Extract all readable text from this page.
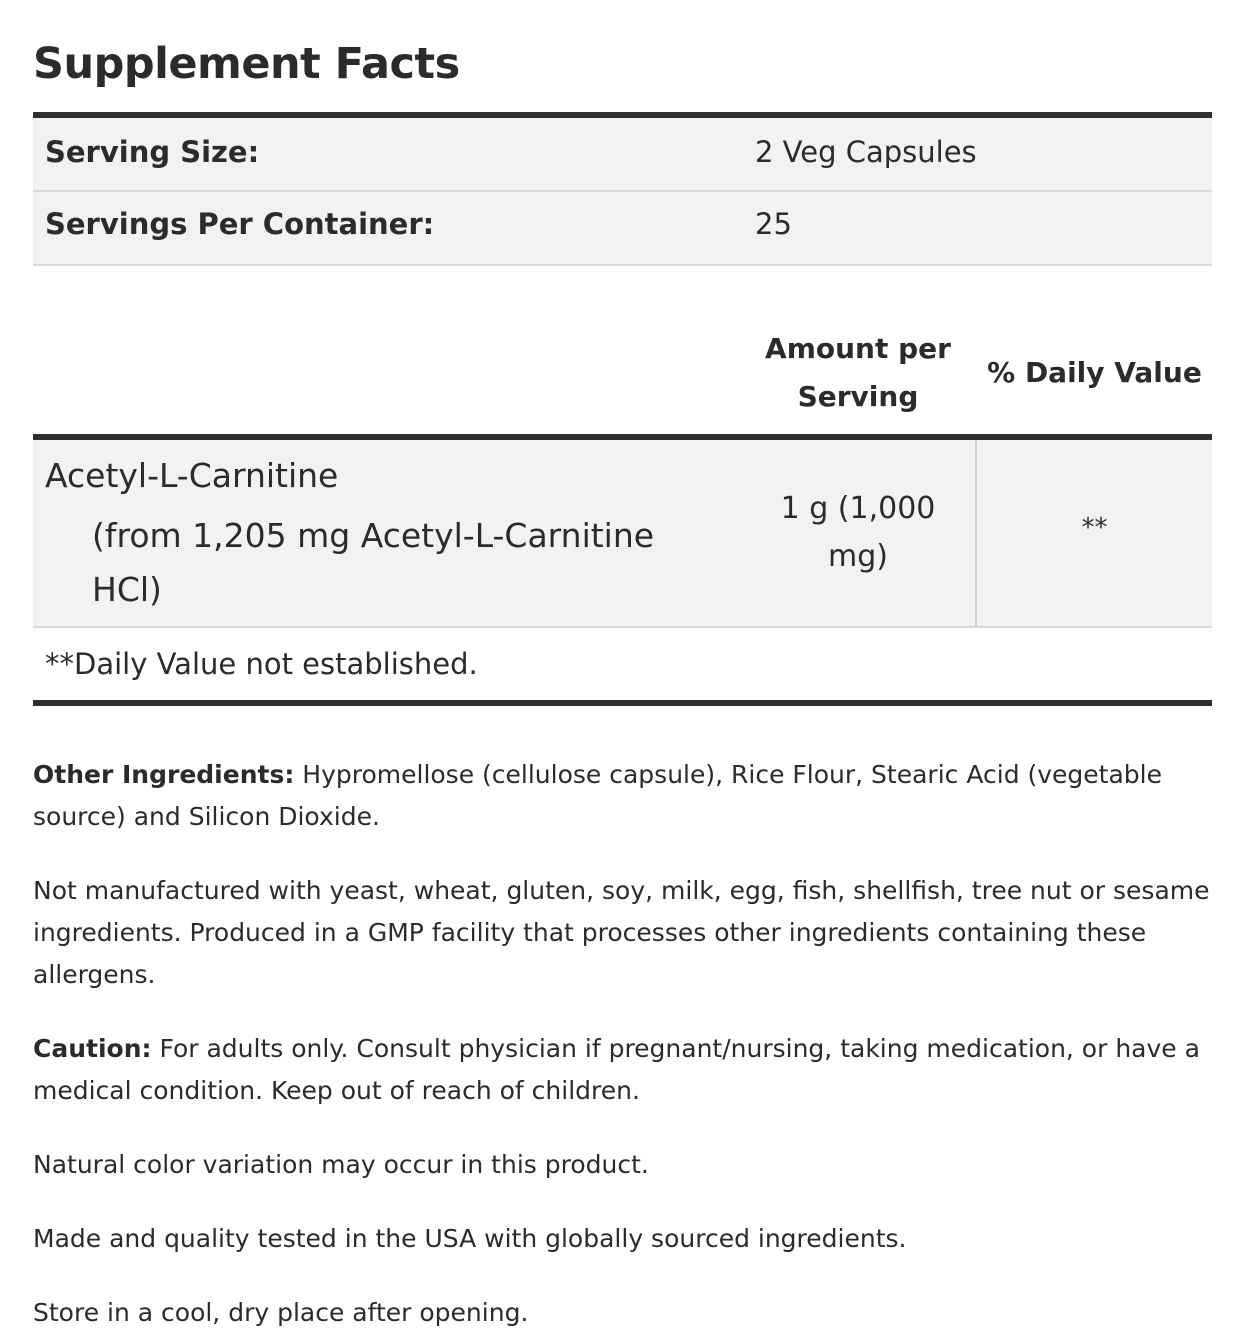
Supplement Facts
Serving Size:	2 Veg Capsules
Servings Per Container:	25
Amount per Serving
% Daily Value
Acetyl-L-Carnitine
(from 1,205 mg Acetyl-L-Carnitine HCl)
1 g (1,000 mg)
**
**Daily Value not established.

Other Ingredients: Hypromellose (cellulose capsule), Rice Flour, Stearic Acid (vegetable source) and Silicon Dioxide.

Not manufactured with yeast, wheat, gluten, soy, milk, egg, fish, shellfish, tree nut or sesame ingredients. Produced in a GMP facility that processes other ingredients containing these allergens.

Caution: For adults only. Consult physician if pregnant/nursing, taking medication, or have a medical condition. Keep out of reach of children.

Natural color variation may occur in this product.

Made and quality tested in the USA with globally sourced ingredients.

Store in a cool, dry place after opening.
